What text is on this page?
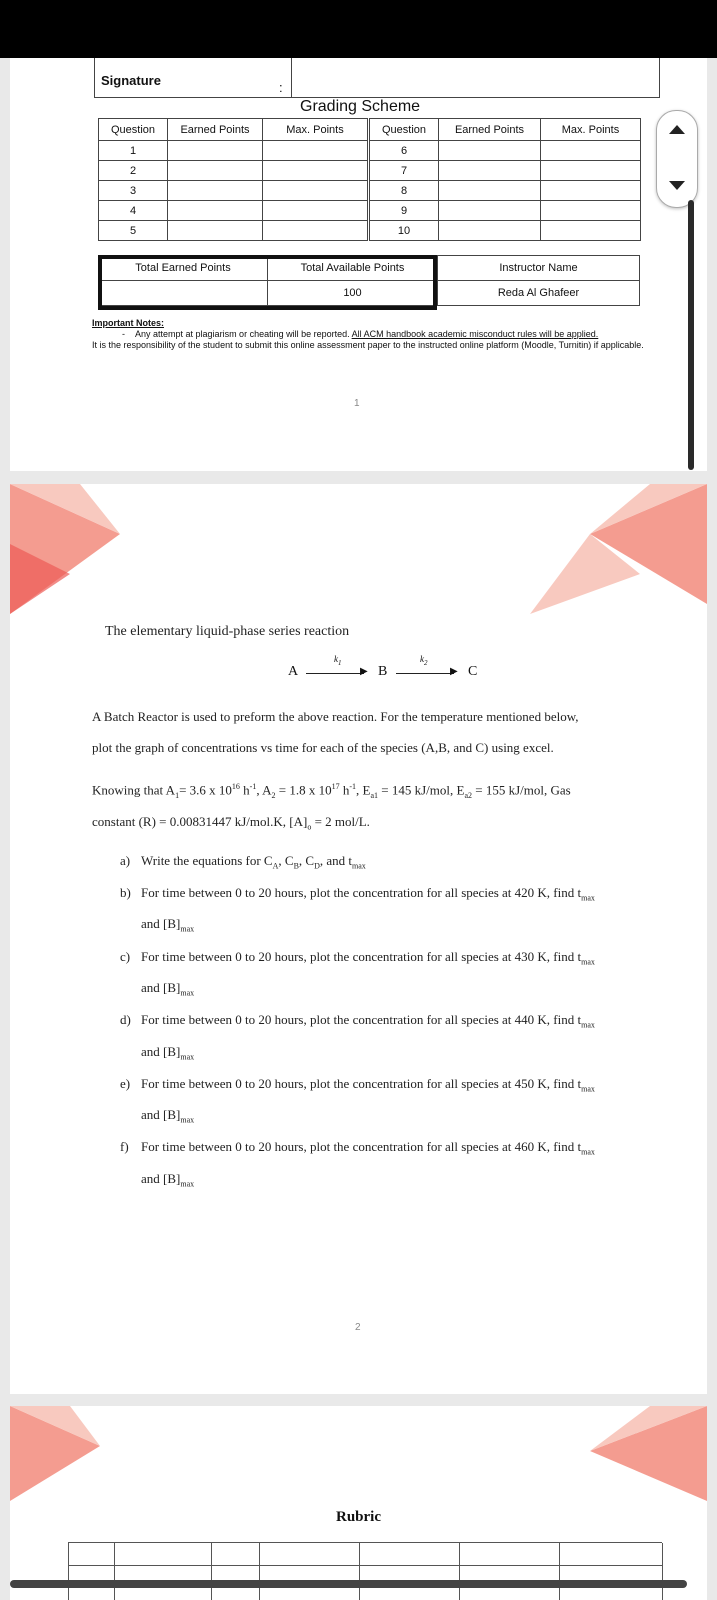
Signature	:
Grading Scheme
Question	Earned Points	Max. Points	Question	Earned Points	Max. Points
1			6		
2			7		
3			8		
4			9		
5			10		
Total Earned Points	Total Available Points	Instructor Name
	100	Reda Al Ghafeer
Important Notes:
- Any attempt at plagiarism or cheating will be reported. All ACM handbook academic misconduct rules will be applied.
It is the responsibility of the student to submit this online assessment paper to the instructed online platform (Moodle, Turnitin) if applicable.
1
The elementary liquid-phase series reaction
A
$k_1$
▶ B
$k_2$
▶ C
A Batch Reactor is used to preform the above reaction. For the temperature mentioned below,
plot the graph of concentrations vs time for each of the species (A,B, and C) using excel.
Knowing that $A_1= 3.6$ x $10^{16}$ $h^{-1}$, $A_2 = 1.8$ x $10^{17}$ $h^{-1}$, $E_{a1} = 145$ kJ/mol, $E_{a2} = 155$ kJ/mol, Gas
constant (R) = 0.00831447 kJ/mol.K, $[A]_o = 2$ mol/L.
a) Write the equations for $C_A$, $C_B$, $C_D$, and $t_{max}$
b) For time between 0 to 20 hours, plot the concentration for all species at 420 K, find $t_{max}$
and $[B]_{max}$
c) For time between 0 to 20 hours, plot the concentration for all species at 430 K, find $t_{max}$
and $[B]_{max}$
d) For time between 0 to 20 hours, plot the concentration for all species at 440 K, find $t_{max}$
and $[B]_{max}$
e) For time between 0 to 20 hours, plot the concentration for all species at 450 K, find $t_{max}$
and $[B]_{max}$
f) For time between 0 to 20 hours, plot the concentration for all species at 460 K, find $t_{max}$
and $[B]_{max}$
2
Rubric
